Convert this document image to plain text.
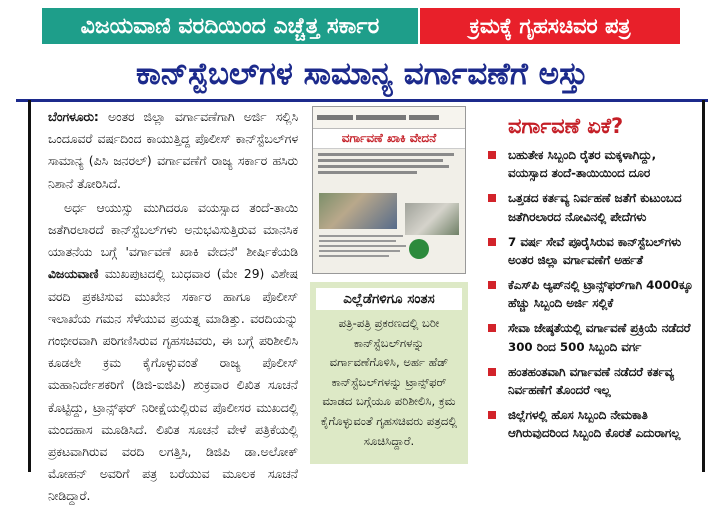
ವಿಜಯವಾಣಿ ವರದಿಯಿಂದ ಎಚ್ಚೆತ್ತ ಸರ್ಕಾರ	ಕ್ರಮಕ್ಕೆ ಗೃಹಸಚಿವರ ಪತ್ರ
ಕಾನ್‌ಸ್ಟೆಬಲ್‌ಗಳ ಸಾಮಾನ್ಯ ವರ್ಗಾವಣೆಗೆ ಅಸ್ತು

ಬೆಂಗಳೂರು: ಅಂತರ ಜಿಲ್ಲಾ ವರ್ಗಾವಣೆಗಾಗಿ ಅರ್ಜಿ ಸಲ್ಲಿಸಿ ಒಂದೂವರೆ ವರ್ಷದಿಂದ ಕಾಯುತ್ತಿದ್ದ ಪೊಲೀಸ್ ಕಾನ್‌ಸ್ಟೆಬಲ್‌ಗಳ ಸಾಮಾನ್ಯ (ಪಿಸಿ ಜನರಲ್) ವರ್ಗಾವಣೆಗೆ ರಾಜ್ಯ ಸರ್ಕಾರ ಹಸಿರು ನಿಶಾನೆ ತೋರಿಸಿದೆ.

ಅರ್ಧ ಆಯುಸ್ಸು ಮುಗಿದರೂ ವಯಸ್ಸಾದ ತಂದೆ-ತಾಯಿ ಜತೆಗಿರಲಾರದೆ ಕಾನ್‌ಸ್ಟೆಬಲ್‌ಗಳು ಅನುಭವಿಸುತ್ತಿರುವ ಮಾನಸಿಕ ಯಾತನೆಯ ಬಗ್ಗೆ 'ವರ್ಗಾವಣೆ ಖಾಕಿ ವೇದನೆ' ಶೀರ್ಷಿಕೆಯಡಿ ವಿಜಯವಾಣಿ ಮುಖಪುಟದಲ್ಲಿ ಬುಧವಾರ (ಮೇ 29) ವಿಶೇಷ ವರದಿ ಪ್ರಕಟಿಸುವ ಮುಖೇನ ಸರ್ಕಾರ ಹಾಗೂ ಪೊಲೀಸ್ ಇಲಾಖೆಯ ಗಮನ ಸೆಳೆಯುವ ಪ್ರಯತ್ನ ಮಾಡಿತ್ತು. ವರದಿಯನ್ನು ಗಂಭೀರವಾಗಿ ಪರಿಗಣಿಸಿರುವ ಗೃಹಸಚಿವರು, ಈ ಬಗ್ಗೆ ಪರಿಶೀಲಿಸಿ ಕೂಡಲೇ ಕ್ರಮ ಕೈಗೊಳ್ಳುವಂತೆ ರಾಜ್ಯ ಪೊಲೀಸ್ ಮಹಾನಿರ್ದೇಶಕರಿಗೆ (ಡಿಜಿ-ಐಜಿಪಿ) ಶುಕ್ರವಾರ ಲಿಖಿತ ಸೂಚನೆ ಕೊಟ್ಟಿದ್ದು, ಟ್ರಾನ್ಸ್‌ಫರ್ ನಿರೀಕ್ಷೆಯಲ್ಲಿರುವ ಪೊಲೀಸರ ಮುಖದಲ್ಲಿ ಮಂದಹಾಸ ಮೂಡಿಸಿದೆ. ಲಿಖಿತ ಸೂಚನೆ ವೇಳೆ ಪತ್ರಿಕೆಯಲ್ಲಿ ಪ್ರಕಟವಾಗಿರುವ ವರದಿ ಲಗತ್ತಿಸಿ, ಡಿಜಿಪಿ ಡಾ.ಅಲೋಕ್ ಮೋಹನ್ ಅವರಿಗೆ ಪತ್ರ ಬರೆಯುವ ಮೂಲಕ ಸೂಚನೆ ನೀಡಿದ್ದಾರೆ.

ವರ್ಗಾವಣೆ ಖಾಕಿ ವೇದನೆ
ಎಲ್ಲೆಡೆಗಳಿಗೂ ಸಂತಸ
ಪತ್ರಿ-ಪತ್ರಿ ಪ್ರಕರಣದಲ್ಲಿ ಬರೀ ಕಾನ್‌ಸ್ಟೆಬಲ್‌ಗಳನ್ನು ವರ್ಗಾವಣೆಗೊಳಿಸಿ, ಅರ್ಹ ಹೆಡ್ ಕಾನ್‌ಸ್ಟೆಬಲ್‌ಗಳನ್ನು ಟ್ರಾನ್ಸ್‌ಫರ್ ಮಾಡದ ಬಗ್ಗೆಯೂ ಪರಿಶೀಲಿಸಿ, ಕ್ರಮ ಕೈಗೊಳ್ಳುವಂತೆ ಗೃಹಸಚಿವರು ಪತ್ರದಲ್ಲಿ ಸೂಚಿಸಿದ್ದಾರೆ.
ವರ್ಗಾವಣೆ ಏಕೆ?
ಬಹುತೇಕ ಸಿಬ್ಬಂದಿ ರೈತರ ಮಕ್ಕಳಾಗಿದ್ದು, ವಯಸ್ಸಾದ ತಂದೆ-ತಾಯಿಯಿಂದ ದೂರ
ಒತ್ತಡದ ಕರ್ತವ್ಯ ನಿರ್ವಹಣೆ ಜತೆಗೆ ಕುಟುಂಬದ ಜತೆಗಿರಲಾರದ ನೋವಿನಲ್ಲಿ ಪೇದೆಗಳು
7 ವರ್ಷ ಸೇವೆ ಪೂರೈಸಿರುವ ಕಾನ್‌ಸ್ಟೆಬಲ್‌ಗಳು ಅಂತರ ಜಿಲ್ಲಾ ವರ್ಗಾವಣೆಗೆ ಅರ್ಹತೆ
ಕೆಎಸ್‌ಪಿ ಆ್ಯಪ್‌ನಲ್ಲಿ ಟ್ರಾನ್ಸ್‌ಫರ್‌ಗಾಗಿ 4000ಕ್ಕೂ ಹೆಚ್ಚು ಸಿಬ್ಬಂದಿ ಅರ್ಜಿ ಸಲ್ಲಿಕೆ
ಸೇವಾ ಜೇಷ್ಠತೆಯಲ್ಲಿ ವರ್ಗಾವಣೆ ಪ್ರಕ್ರಿಯೆ ನಡೆದರೆ 300 ರಿಂದ 500 ಸಿಬ್ಬಂದಿ ವರ್ಗ
ಹಂತಹಂತವಾಗಿ ವರ್ಗಾವಣೆ ನಡೆದರೆ ಕರ್ತವ್ಯ ನಿರ್ವಹಣೆಗೆ ತೊಂದರೆ ಇಲ್ಲ
ಜಿಲ್ಲೆಗಳಲ್ಲಿ ಹೊಸ ಸಿಬ್ಬಂದಿ ನೇಮಕಾತಿ ಆಗಿರುವುದರಿಂದ ಸಿಬ್ಬಂದಿ ಕೊರತೆ ಎದುರಾಗಲ್ಲ
